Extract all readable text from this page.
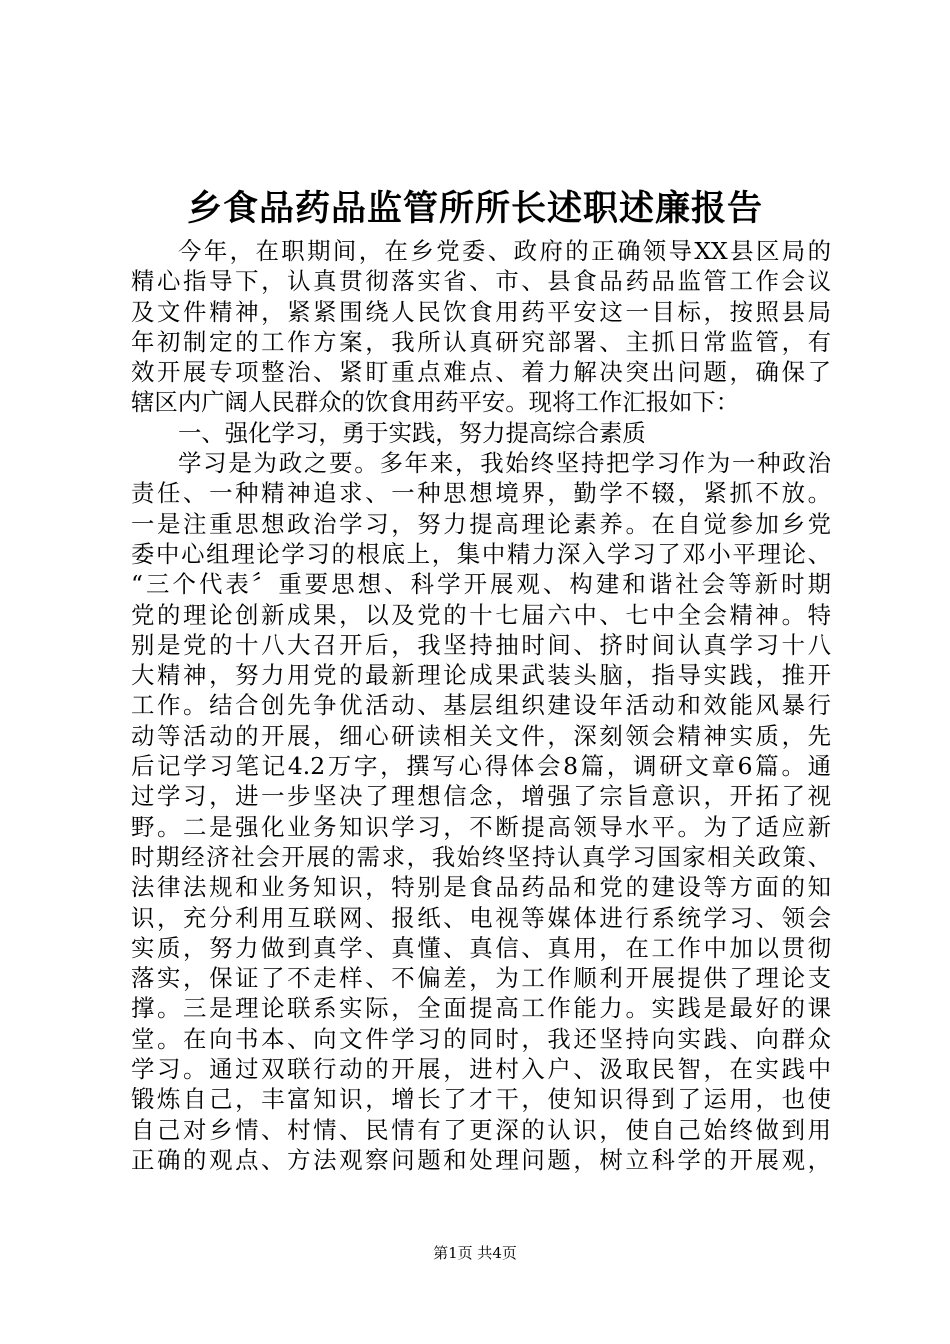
乡食品药品监管所所长述职述廉报告
今年，在职期间，在乡党委、政府的正确领导XX县区局的
精心指导下，认真贯彻落实省、市、县食品药品监管工作会议
及文件精神，紧紧围绕人民饮食用药平安这一目标，按照县局
年初制定的工作方案，我所认真研究部署、主抓日常监管，有
效开展专项整治、紧盯重点难点、着力解决突出问题，确保了
辖区内广阔人民群众的饮食用药平安。现将工作汇报如下：
一、强化学习，勇于实践，努力提高综合素质
学习是为政之要。多年来，我始终坚持把学习作为一种政治
责任、一种精神追求、一种思想境界，勤学不辍，紧抓不放。
一是注重思想政治学习，努力提高理论素养。在自觉参加乡党
委中心组理论学习的根底上，集中精力深入学习了邓小平理论、
“三个代表〞重要思想、科学开展观、构建和谐社会等新时期
党的理论创新成果，以及党的十七届六中、七中全会精神。特
别是党的十八大召开后，我坚持抽时间、挤时间认真学习十八
大精神，努力用党的最新理论成果武装头脑，指导实践，推开
工作。结合创先争优活动、基层组织建设年活动和效能风暴行
动等活动的开展，细心研读相关文件，深刻领会精神实质，先
后记学习笔记4.2万字，撰写心得体会8篇，调研文章6篇。通
过学习，进一步坚决了理想信念，增强了宗旨意识，开拓了视
野。二是强化业务知识学习，不断提高领导水平。为了适应新
时期经济社会开展的需求，我始终坚持认真学习国家相关政策、
法律法规和业务知识，特别是食品药品和党的建设等方面的知
识，充分利用互联网、报纸、电视等媒体进行系统学习、领会
实质，努力做到真学、真懂、真信、真用，在工作中加以贯彻
落实，保证了不走样、不偏差，为工作顺利开展提供了理论支
撑。三是理论联系实际，全面提高工作能力。实践是最好的课
堂。在向书本、向文件学习的同时，我还坚持向实践、向群众
学习。通过双联行动的开展，进村入户、汲取民智，在实践中
锻炼自己，丰富知识，增长了才干，使知识得到了运用，也使
自己对乡情、村情、民情有了更深的认识，使自己始终做到用
正确的观点、方法观察问题和处理问题，树立科学的开展观，
第1页 共4页
